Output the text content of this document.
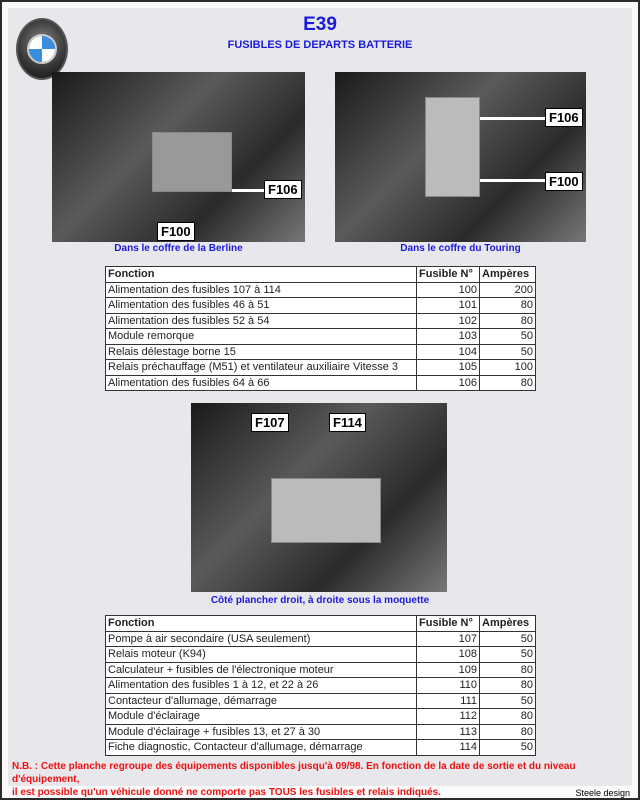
E39
FUSIBLES DE DEPARTS BATTERIE
F106
F100
Dans le coffre de la Berline
F106
F100
Dans le coffre du Touring
Fonction	Fusible N°	Ampères
Alimentation des fusibles 107 à 114	100	200
Alimentation des fusibles 46 à 51	101	80
Alimentation des fusibles 52 à 54	102	80
Module remorque	103	50
Relais délestage borne 15	104	50
Relais préchauffage (M51) et ventilateur auxiliaire Vitesse 3	105	100
Alimentation des fusibles 64 à 66	106	80
F107	F114
Côté plancher droit, à droite sous la moquette
Fonction	Fusible N°	Ampères
Pompe à air secondaire (USA seulement)	107	50
Relais moteur (K94)	108	50
Calculateur + fusibles de l'électronique moteur	109	80
Alimentation des fusibles 1 à 12, et 22 à 26	110	80
Contacteur d'allumage, démarrage	111	50
Module d'éclairage	112	80
Module d'éclairage + fusibles 13, et 27 à 30	113	80
Fiche diagnostic, Contacteur d'allumage, démarrage	114	50
N.B. : Cette planche regroupe des équipements disponibles jusqu'à 09/98. En fonction de la date de sortie et du niveau d'équipement,
il est possible qu'un véhicule donné ne comporte pas TOUS les fusibles et relais indiqués.	Steele design
